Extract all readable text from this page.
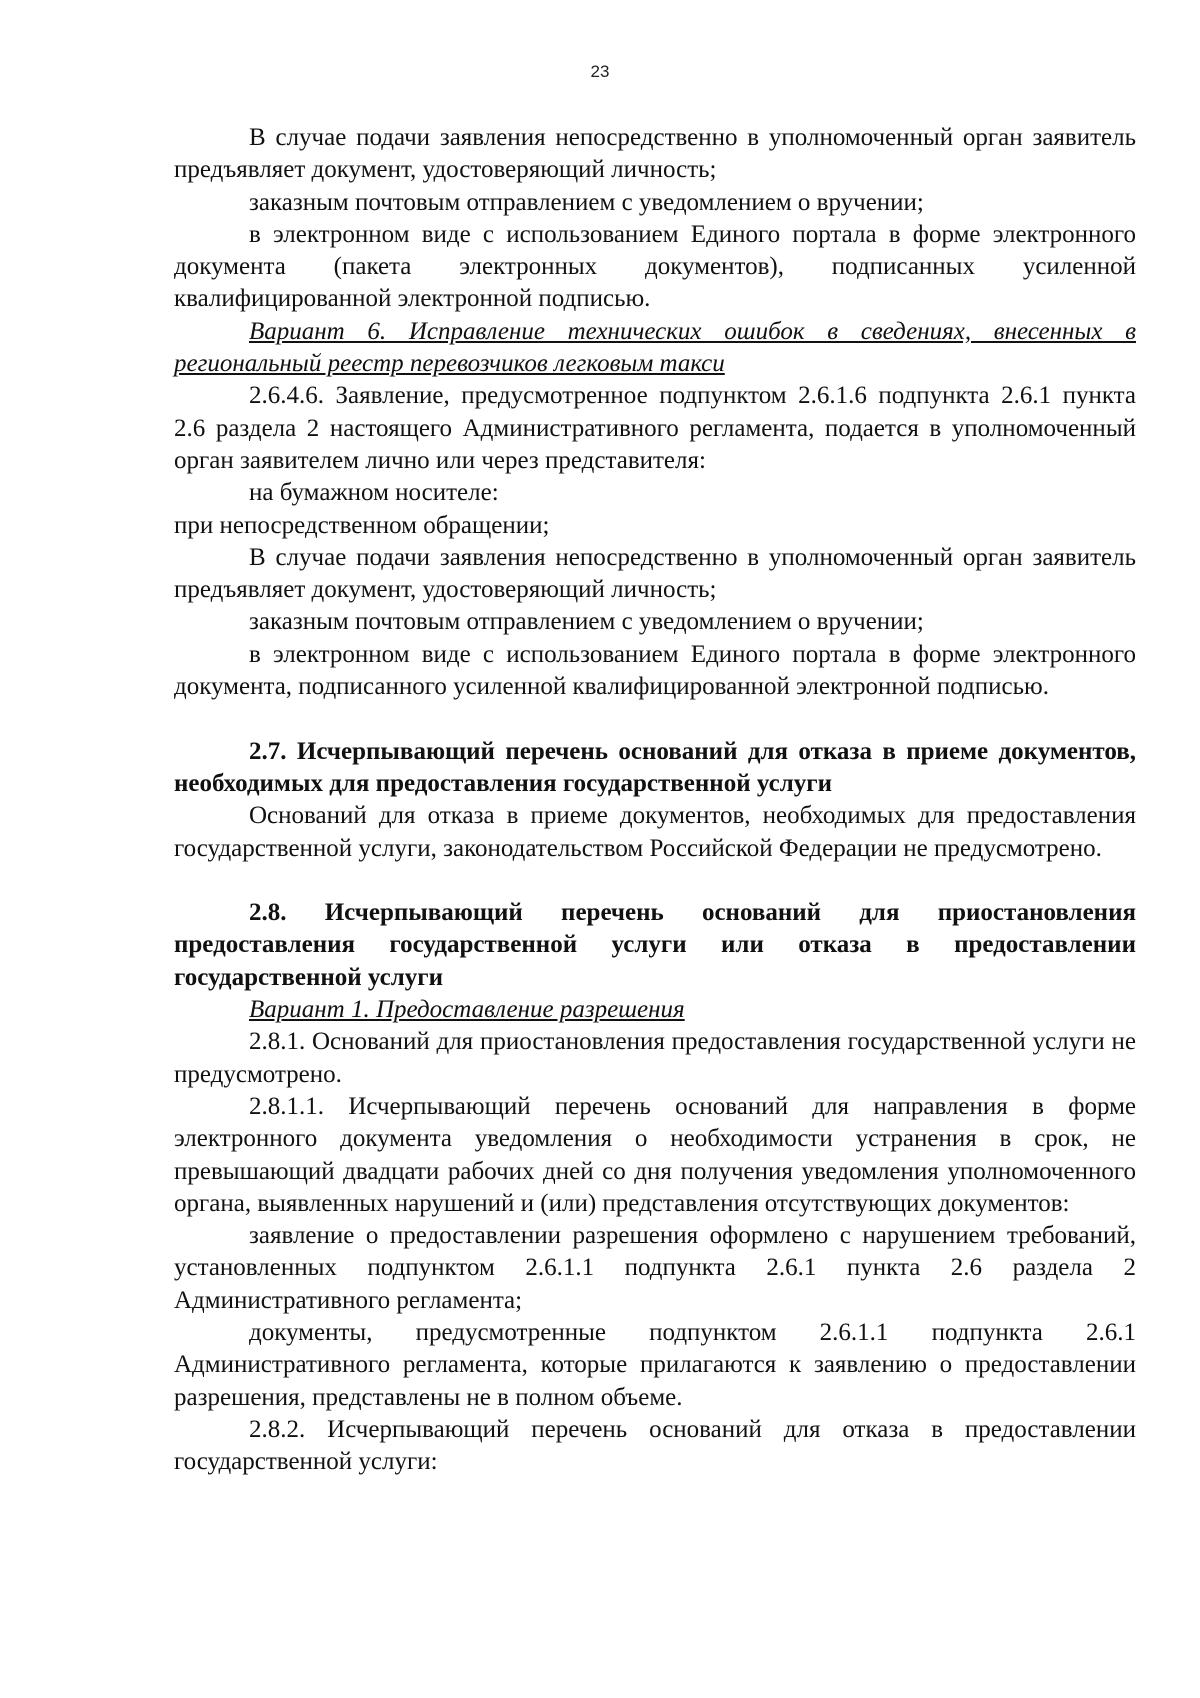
23

В случае подачи заявления непосредственно в уполномоченный орган заявитель предъявляет документ, удостоверяющий личность;

заказным почтовым отправлением с уведомлением о вручении;

в электронном виде с использованием Единого портала в форме электронного документа (пакета электронных документов), подписанных усиленной квалифицированной электронной подписью.

Вариант 6. Исправление технических ошибок в сведениях, внесенных в региональный реестр перевозчиков легковым такси

2.6.4.6. Заявление, предусмотренное подпунктом 2.6.1.6 подпункта 2.6.1 пункта 2.6 раздела 2 настоящего Административного регламента, подается в уполномоченный орган заявителем лично или через представителя:

на бумажном носителе:

при непосредственном обращении;

В случае подачи заявления непосредственно в уполномоченный орган заявитель предъявляет документ, удостоверяющий личность;

заказным почтовым отправлением с уведомлением о вручении;

в электронном виде с использованием Единого портала в форме электронного документа, подписанного усиленной квалифицированной электронной подписью.

2.7. Исчерпывающий перечень оснований для отказа в приеме документов, необходимых для предоставления государственной услуги

Оснований для отказа в приеме документов, необходимых для предоставления государственной услуги, законодательством Российской Федерации не предусмотрено.

2.8. Исчерпывающий перечень оснований для приостановления предоставления государственной услуги или отказа в предоставлении государственной услуги

Вариант 1. Предоставление разрешения

2.8.1. Оснований для приостановления предоставления государственной услуги не предусмотрено.

2.8.1.1. Исчерпывающий перечень оснований для направления в форме электронного документа уведомления о необходимости устранения в срок, не превышающий двадцати рабочих дней со дня получения уведомления уполномоченного органа, выявленных нарушений и (или) представления отсутствующих документов:

заявление о предоставлении разрешения оформлено с нарушением требований, установленных подпунктом 2.6.1.1 подпункта 2.6.1 пункта 2.6 раздела 2 Административного регламента;

документы, предусмотренные подпунктом 2.6.1.1 подпункта 2.6.1 Административного регламента, которые прилагаются к заявлению о предоставлении разрешения, представлены не в полном объеме.

2.8.2. Исчерпывающий перечень оснований для отказа в предоставлении государственной услуги:
